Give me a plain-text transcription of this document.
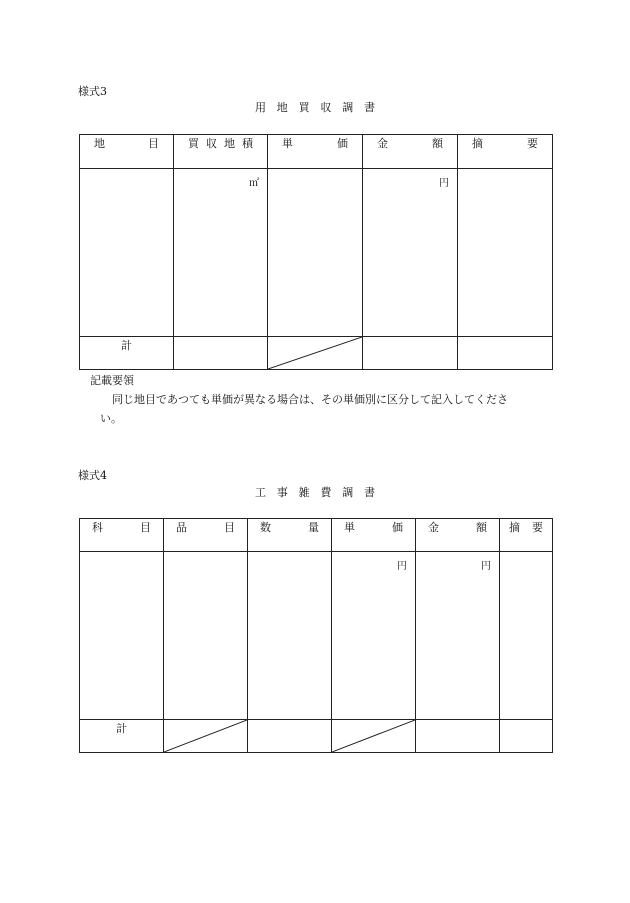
様式3
用 地 買 収 調 書
地 目	買 収 地 積	単 価	金 額	摘 要

	㎡		円	

計

記載要領
同じ地目であつても単価が異なる場合は、その単価別に区分して記入してくださ
い。
様式4
工 事 雑 費 調 書
科 目	品 目	数 量	単 価	金 額	摘 要

			円	円	

計
